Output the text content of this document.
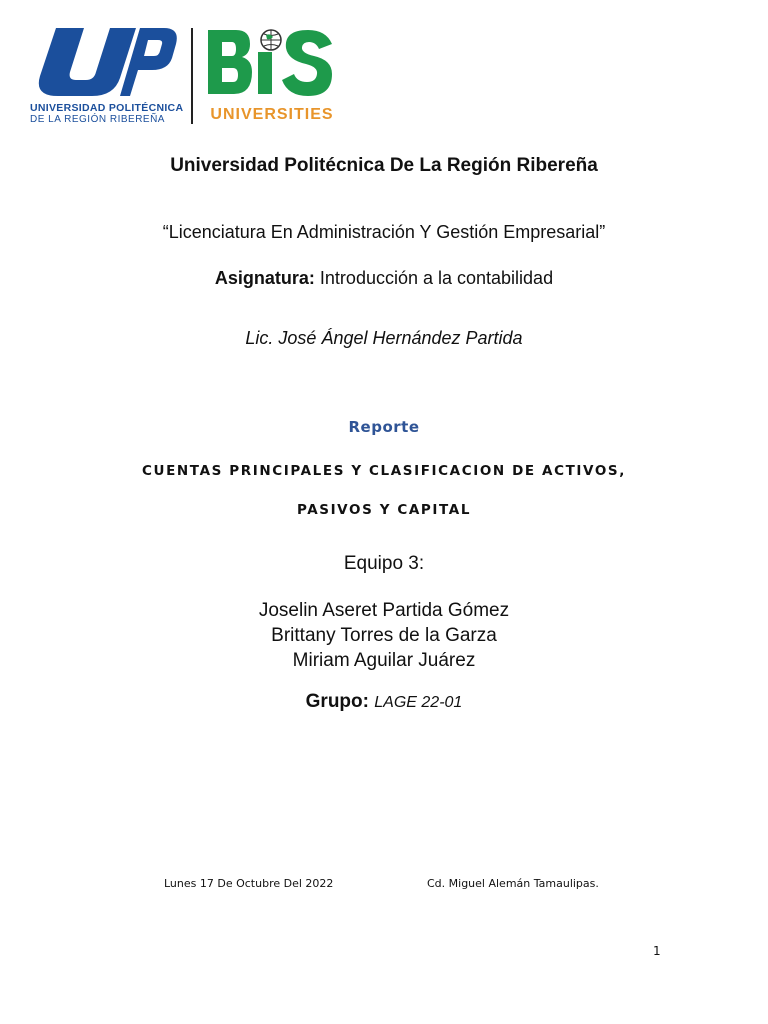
UNIVERSIDAD POLITÉCNICA
DE LA REGIÓN RIBEREÑA	UNIVERSITIES
Universidad Politécnica De La Región Ribereña
“Licenciatura En Administración Y Gestión Empresarial”
Asignatura: Introducción a la contabilidad
Lic. José Ángel Hernández Partida
Reporte
CUENTAS PRINCIPALES Y CLASIFICACION DE ACTIVOS,
PASIVOS Y CAPITAL
Equipo 3:
Joselin Aseret Partida Gómez
Brittany Torres de la Garza
Miriam Aguilar Juárez
Grupo: LAGE 22-01
Lunes 17 De Octubre Del 2022	Cd. Miguel Alemán Tamaulipas.
1
